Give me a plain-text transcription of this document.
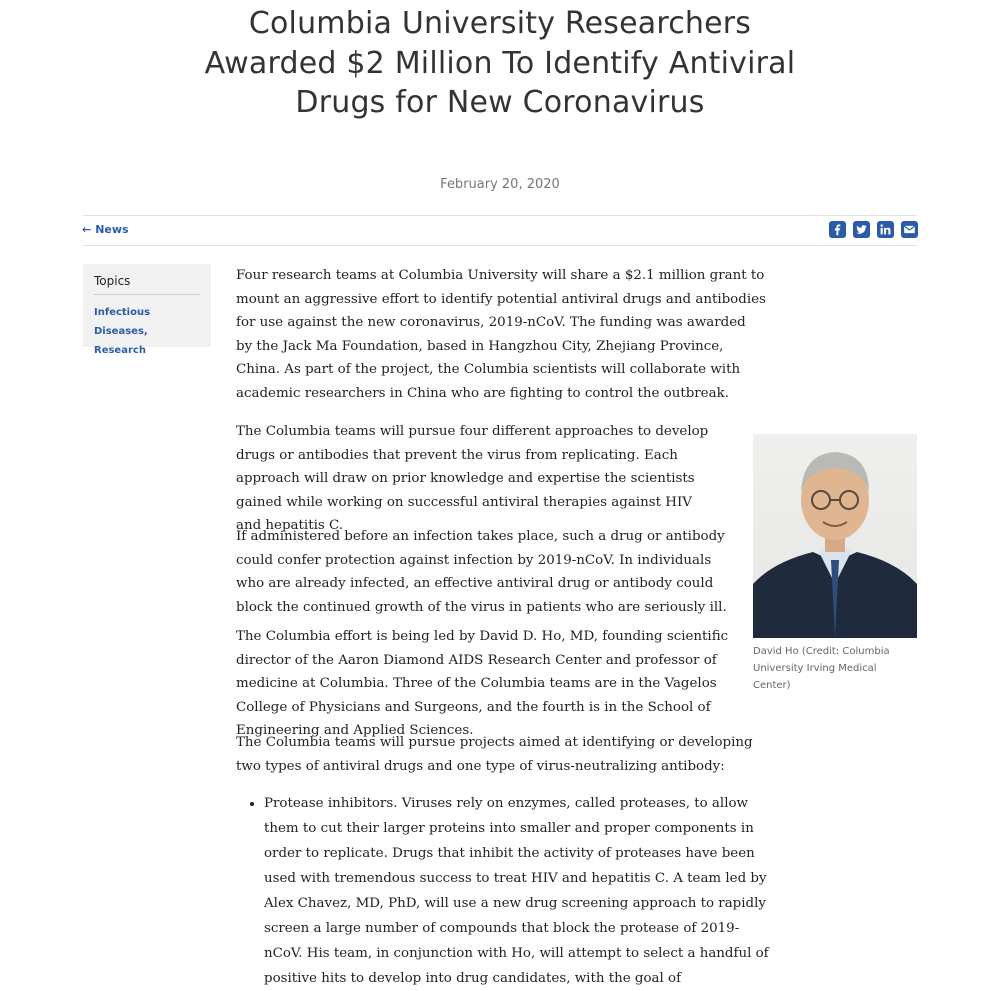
Columbia University Researchers Awarded $2 Million To Identify Antiviral Drugs for New Coronavirus
February 20, 2020
← News
Topics
Infectious Diseases,
Research

Four research teams at Columbia University will share a $2.1 million grant to mount an aggressive effort to identify potential antiviral drugs and antibodies for use against the new coronavirus, 2019-nCoV. The funding was awarded by the Jack Ma Foundation, based in Hangzhou City, Zhejiang Province, China. As part of the project, the Columbia scientists will collaborate with academic researchers in China who are fighting to control the outbreak.

The Columbia teams will pursue four different approaches to develop drugs or antibodies that prevent the virus from replicating. Each approach will draw on prior knowledge and expertise the scientists gained while working on successful antiviral therapies against HIV and hepatitis C.

If administered before an infection takes place, such a drug or antibody could confer protection against infection by 2019-nCoV. In individuals who are already infected, an effective antiviral drug or antibody could block the continued growth of the virus in patients who are seriously ill.

The Columbia effort is being led by David D. Ho, MD, founding scientific director of the Aaron Diamond AIDS Research Center and professor of medicine at Columbia. Three of the Columbia teams are in the Vagelos College of Physicians and Surgeons, and the fourth is in the School of Engineering and Applied Sciences.

The Columbia teams will pursue projects aimed at identifying or developing two types of antiviral drugs and one type of virus-neutralizing antibody:

• Protease inhibitors. Viruses rely on enzymes, called proteases, to allow them to cut their larger proteins into smaller and proper components in order to replicate. Drugs that inhibit the activity of proteases have been used with tremendous success to treat HIV and hepatitis C. A team led by Alex Chavez, MD, PhD, will use a new drug screening approach to rapidly screen a large number of compounds that block the protease of 2019-nCoV. His team, in conjunction with Ho, will attempt to select a handful of positive hits to develop into drug candidates, with the goal of
David Ho (Credit: Columbia University Irving Medical Center)
